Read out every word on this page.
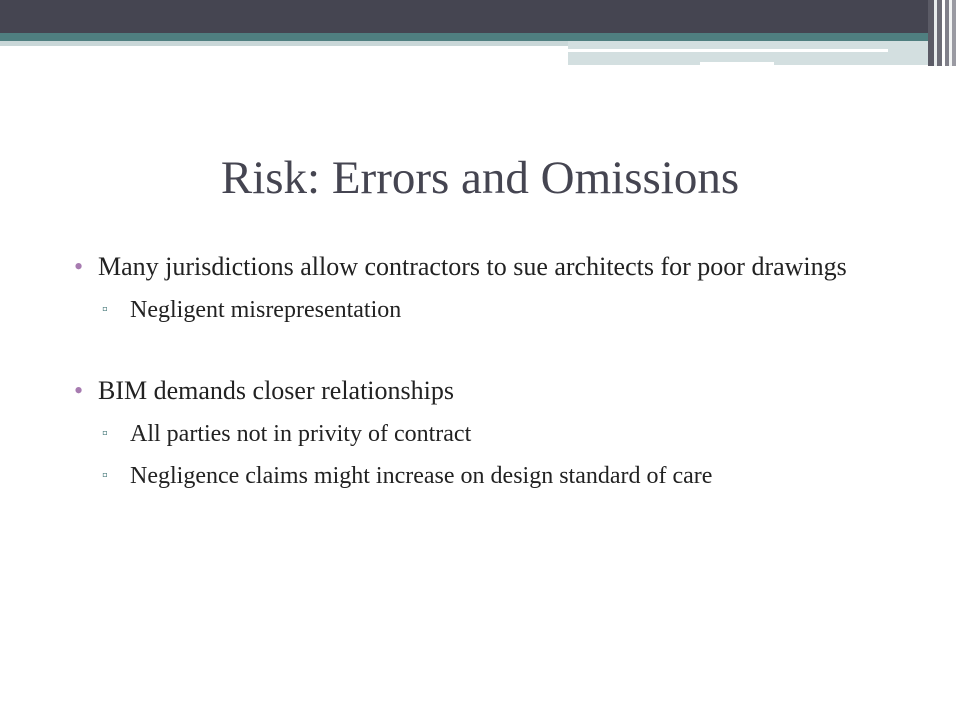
Risk: Errors and Omissions
• Many jurisdictions allow contractors to sue architects for poor drawings
▫ Negligent misrepresentation
• BIM demands closer relationships
▫ All parties not in privity of contract
▫ Negligence claims might increase on design standard of care
